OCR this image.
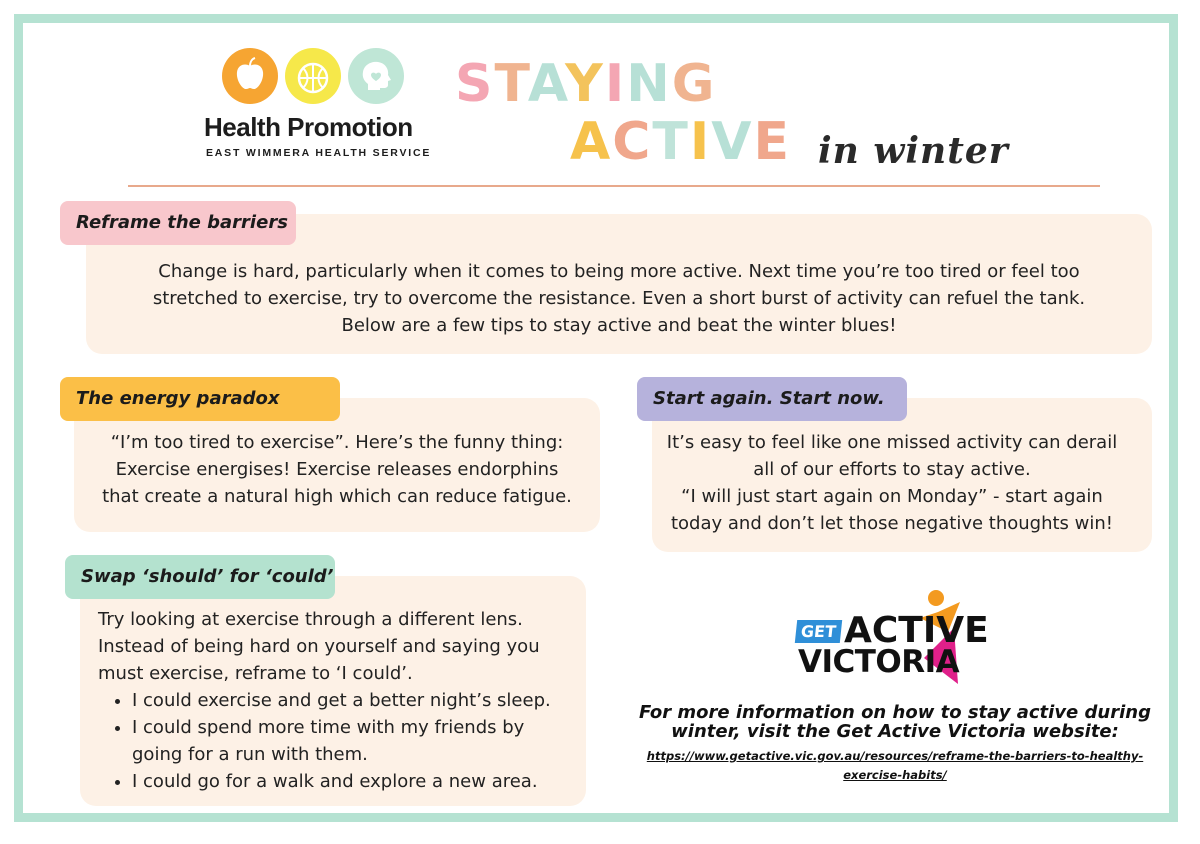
Health Promotion
EAST WIMMERA HEALTH SERVICE
STAYING
ACTIVE in winter
Reframe the barriers
Change is hard, particularly when it comes to being more active. Next time you’re too tired or feel too
stretched to exercise, try to overcome the resistance. Even a short burst of activity can refuel the tank.
Below are a few tips to stay active and beat the winter blues!
The energy paradox
“I’m too tired to exercise”. Here’s the funny thing:
Exercise energises! Exercise releases endorphins
that create a natural high which can reduce fatigue.
Start again. Start now.
It’s easy to feel like one missed activity can derail
all of our efforts to stay active.
“I will just start again on Monday” - start again
today and don’t let those negative thoughts win!
Swap ‘should’ for ‘could’
Try looking at exercise through a different lens.
Instead of being hard on yourself and saying you
must exercise, reframe to ‘I could’.
• I could exercise and get a better night’s sleep.
• I could spend more time with my friends by going for a run with them.
• I could go for a walk and explore a new area.
GET ACTIVE
VICTORIA
For more information on how to stay active during winter, visit the Get Active Victoria website:
https://www.getactive.vic.gov.au/resources/reframe-the-barriers-to-healthy-exercise-habits/
